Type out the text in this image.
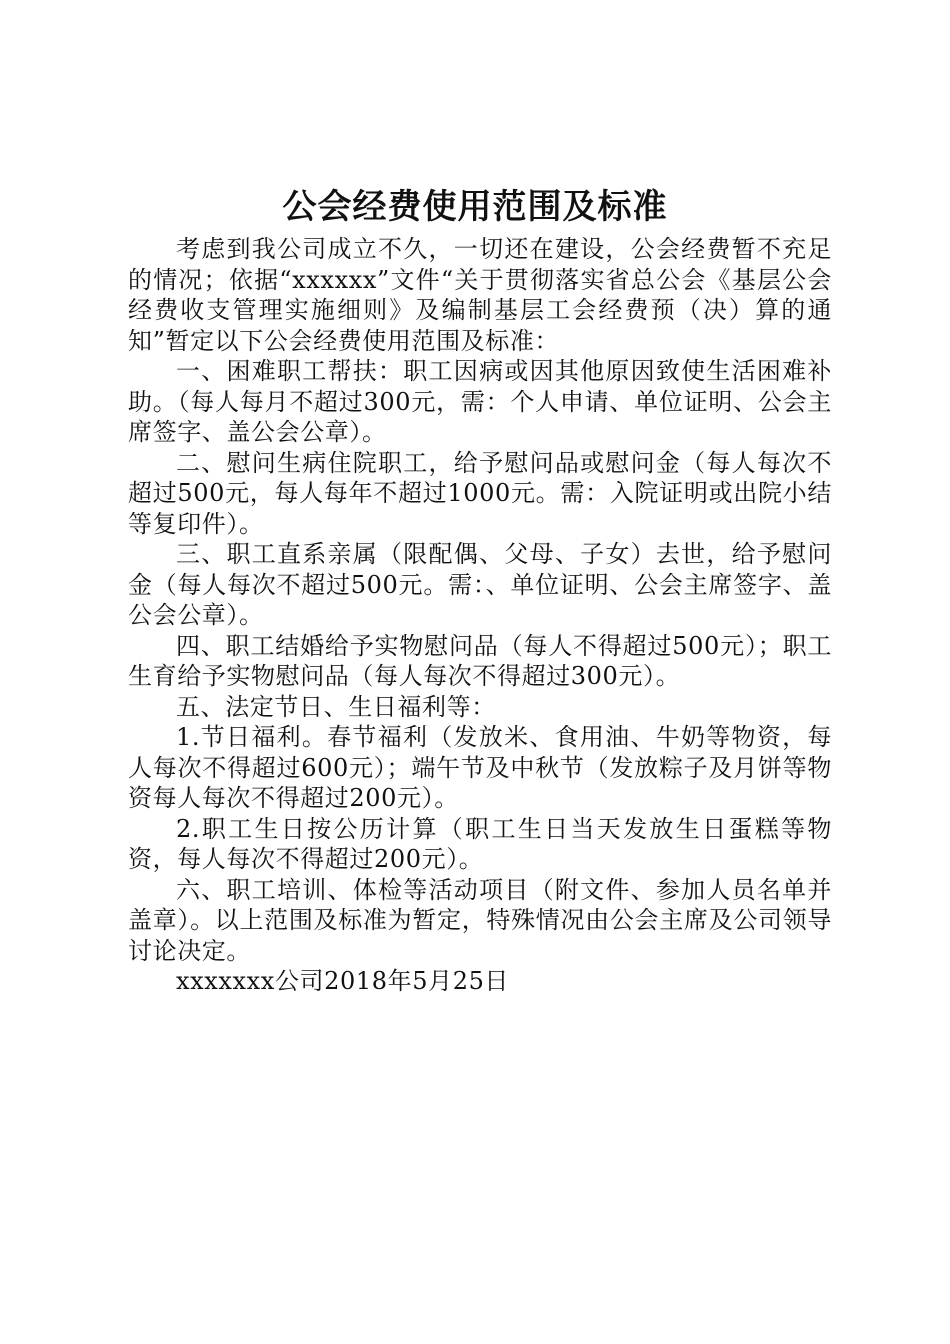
公会经费使用范围及标准

考虑到我公司成立不久，一切还在建设，公会经费暂不充足的情况；依据“xxxxxx”文件“关于贯彻落实省总公会《基层公会经费收支管理实施细则》及编制基层工会经费预（决）算的通知”暂定以下公会经费使用范围及标准：

一、困难职工帮扶：职工因病或因其他原因致使生活困难补助。（每人每月不超过300元，需：个人申请、单位证明、公会主席签字、盖公会公章）。

二、慰问生病住院职工，给予慰问品或慰问金（每人每次不超过500元，每人每年不超过1000元。需：入院证明或出院小结等复印件）。

三、职工直系亲属（限配偶、父母、子女）去世，给予慰问金（每人每次不超过500元。需：、单位证明、公会主席签字、盖公会公章）。

四、职工结婚给予实物慰问品（每人不得超过500元）；职工生育给予实物慰问品（每人每次不得超过300元）。

五、法定节日、生日福利等：

1.节日福利。春节福利（发放米、食用油、牛奶等物资，每人每次不得超过600元）；端午节及中秋节（发放粽子及月饼等物资每人每次不得超过200元）。

2.职工生日按公历计算（职工生日当天发放生日蛋糕等物资，每人每次不得超过200元）。

六、职工培训、体检等活动项目（附文件、参加人员名单并盖章）。以上范围及标准为暂定，特殊情况由公会主席及公司领导讨论决定。

xxxxxxx公司2018年5月25日
